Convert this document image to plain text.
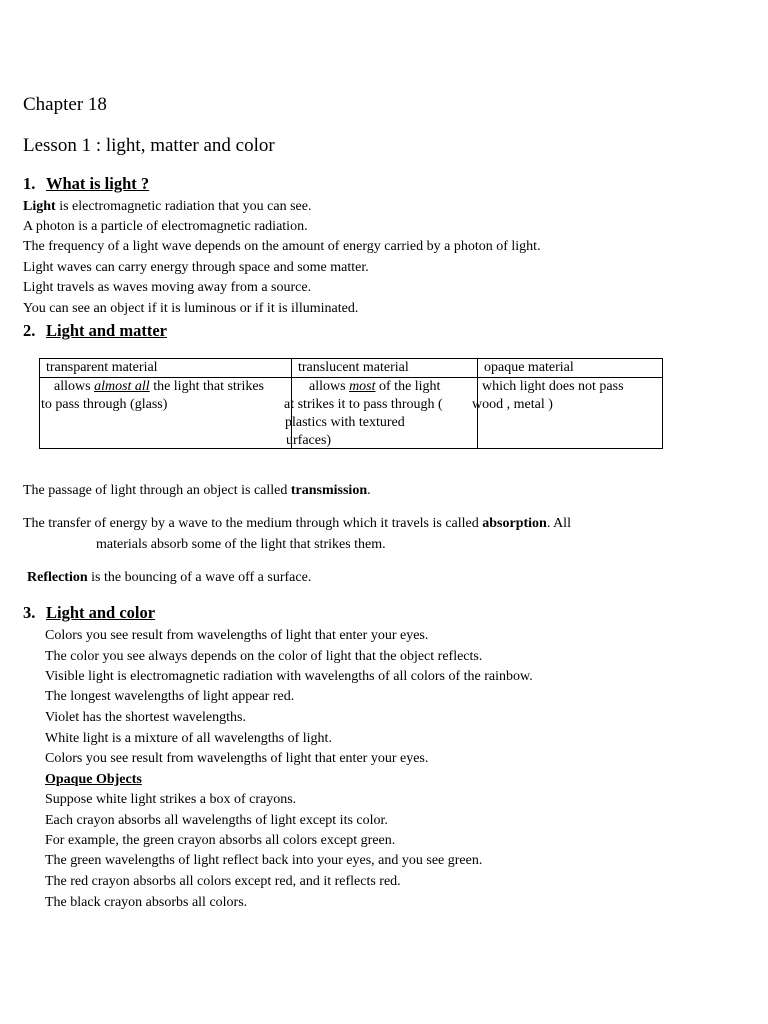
Chapter 18
Lesson 1 : light, matter and color
1. What is light ?
Light is electromagnetic radiation that you can see.
A photon is a particle of electromagnetic radiation.
The frequency of a light wave depends on the amount of energy carried by a photon of light.
Light waves can carry energy through space and some matter.
Light travels as waves moving away from a source.
You can see an object if it is luminous or if it is illuminated.
2. Light and matter
transparent material	translucent material	opaque material

allows almost all the light that strikes
to pass through (glass)	allows most of the light
at strikes it to pass through (
plastics with textured
urfaces)	which light does not pass
wood , metal )
The passage of light through an object is called transmission.
The transfer of energy by a wave to the medium through which it travels is called absorption. All
materials absorb some of the light that strikes them.
Reflection is the bouncing of a wave off a surface.
3. Light and color
Colors you see result from wavelengths of light that enter your eyes.
The color you see always depends on the color of light that the object reflects.
Visible light is electromagnetic radiation with wavelengths of all colors of the rainbow.
The longest wavelengths of light appear red.
Violet has the shortest wavelengths.
White light is a mixture of all wavelengths of light.
Colors you see result from wavelengths of light that enter your eyes.
Opaque Objects
Suppose white light strikes a box of crayons.
Each crayon absorbs all wavelengths of light except its color.
For example, the green crayon absorbs all colors except green.
The green wavelengths of light reflect back into your eyes, and you see green.
The red crayon absorbs all colors except red, and it reflects red.
The black crayon absorbs all colors.
